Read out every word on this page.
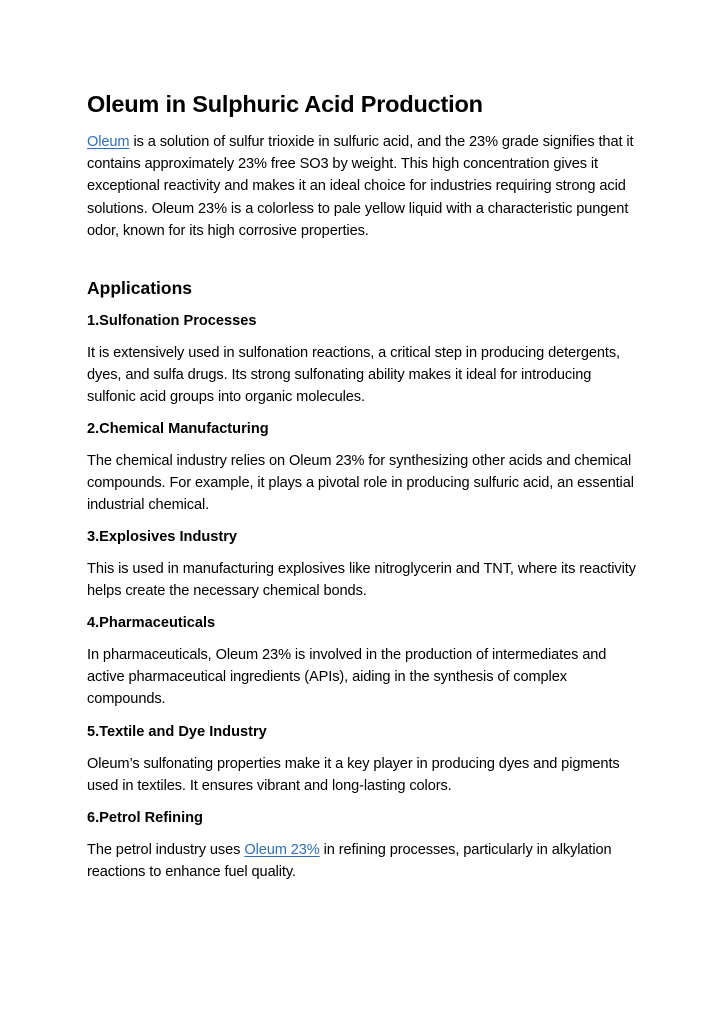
Oleum in Sulphuric Acid Production

Oleum is a solution of sulfur trioxide in sulfuric acid, and the 23% grade signifies that it contains approximately 23% free SO3 by weight. This high concentration gives it exceptional reactivity and makes it an ideal choice for industries requiring strong acid solutions. Oleum 23% is a colorless to pale yellow liquid with a characteristic pungent odor, known for its high corrosive properties.

Applications
1.Sulfonation Processes

It is extensively used in sulfonation reactions, a critical step in producing detergents, dyes, and sulfa drugs. Its strong sulfonating ability makes it ideal for introducing sulfonic acid groups into organic molecules.

2.Chemical Manufacturing

The chemical industry relies on Oleum 23% for synthesizing other acids and chemical compounds. For example, it plays a pivotal role in producing sulfuric acid, an essential industrial chemical.

3.Explosives Industry

This is used in manufacturing explosives like nitroglycerin and TNT, where its reactivity helps create the necessary chemical bonds.

4.Pharmaceuticals

In pharmaceuticals, Oleum 23% is involved in the production of intermediates and active pharmaceutical ingredients (APIs), aiding in the synthesis of complex compounds.

5.Textile and Dye Industry

Oleum’s sulfonating properties make it a key player in producing dyes and pigments used in textiles. It ensures vibrant and long-lasting colors.

6.Petrol Refining

The petrol industry uses Oleum 23% in refining processes, particularly in alkylation reactions to enhance fuel quality.
